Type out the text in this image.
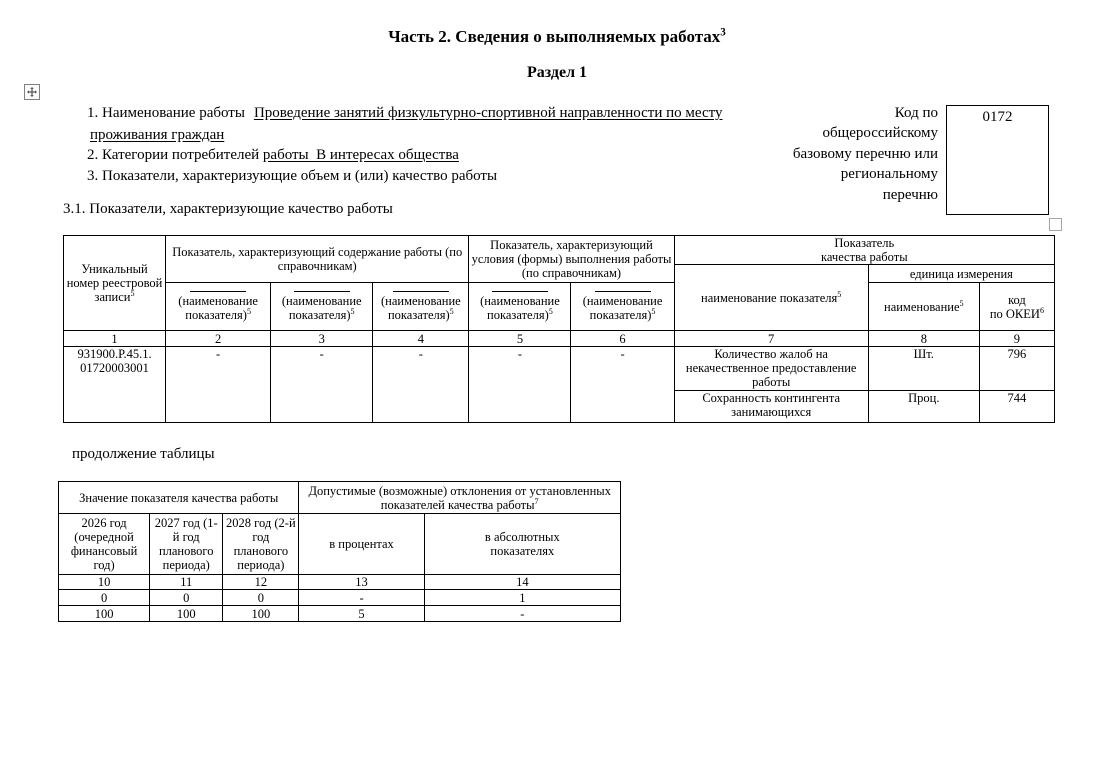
Часть 2. Сведения о выполняемых работах$^3$
Раздел 1
1. Наименование работы Проведение занятий физкультурно-спортивной направленности по месту
проживания граждан
2. Категории потребителей работы  В интересах общества
3. Показатели, характеризующие объем и (или) качество работы
3.1. Показатели, характеризующие качество работы
Код по
общероссийскому
базовому перечню или
региональному
перечню
0172
Уникальный номер реестровой записи$^5$	Показатель, характеризующий содержание работы (по справочникам)			Показатель, характеризующий условия (формы) выполнения работы (по справочникам)		Показатель
качества работы		

						наименование показателя$^5$	единица измерения	

(наименование показателя)$^5$	(наименование показателя)$^5$	(наименование показателя)$^5$	(наименование показателя)$^5$	(наименование показателя)$^5$		наименование$^5$	код
по ОКЕИ$^6$

1	2	3	4	5	6	7	8	9

931900.Р.45.1.
01720003001	-	-	-	-	-	Количество жалоб на некачественное предоставление работы	Шт.	796
						Сохранность контингента занимающихся	Проц.	744
продолжение таблицы
Значение показателя качества работы			Допустимые (возможные) отклонения от установленных показателей качества работы$^7$
2026 год (очередной финансовый год)	2027 год (1-й год планового периода)	2028 год (2-й год планового периода)	в процентах	в абсолютных
показателях

10	11	12	13	14
0	0	0	-	1
100	100	100	5	-
